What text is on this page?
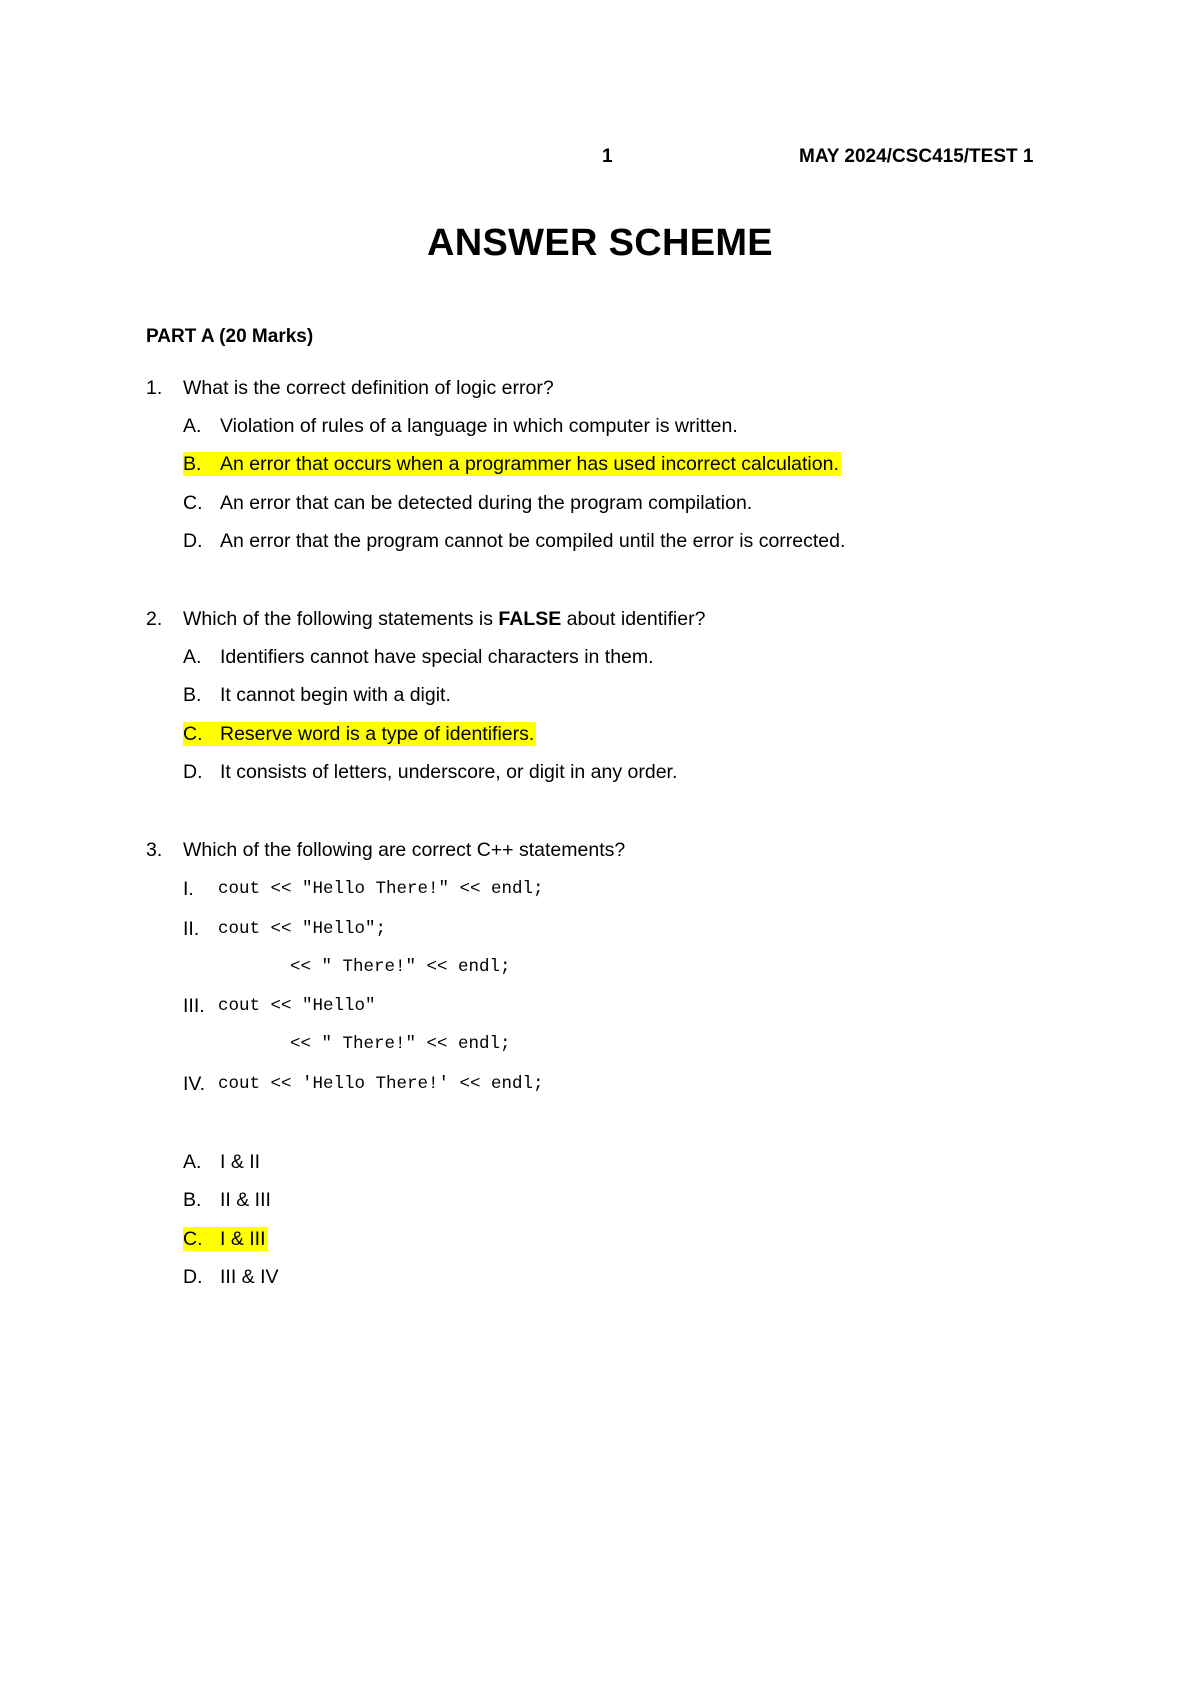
1	MAY 2024/CSC415/TEST 1
ANSWER SCHEME
PART A (20 Marks)
1. What is the correct definition of logic error?
A. Violation of rules of a language in which computer is written.
B. An error that occurs when a programmer has used incorrect calculation.
C. An error that can be detected during the program compilation.
D. An error that the program cannot be compiled until the error is corrected.
2. Which of the following statements is FALSE about identifier?
A. Identifiers cannot have special characters in them.
B. It cannot begin with a digit.
C. Reserve word is a type of identifiers.
D. It consists of letters, underscore, or digit in any order.
3. Which of the following are correct C++ statements?
I. cout << "Hello There!" << endl;
II. cout << "Hello";
<< " There!" << endl;
III. cout << "Hello"
<< " There!" << endl;
IV. cout << 'Hello There!' << endl;
A. I & II
B. II & III
C. I & III
D. III & IV
